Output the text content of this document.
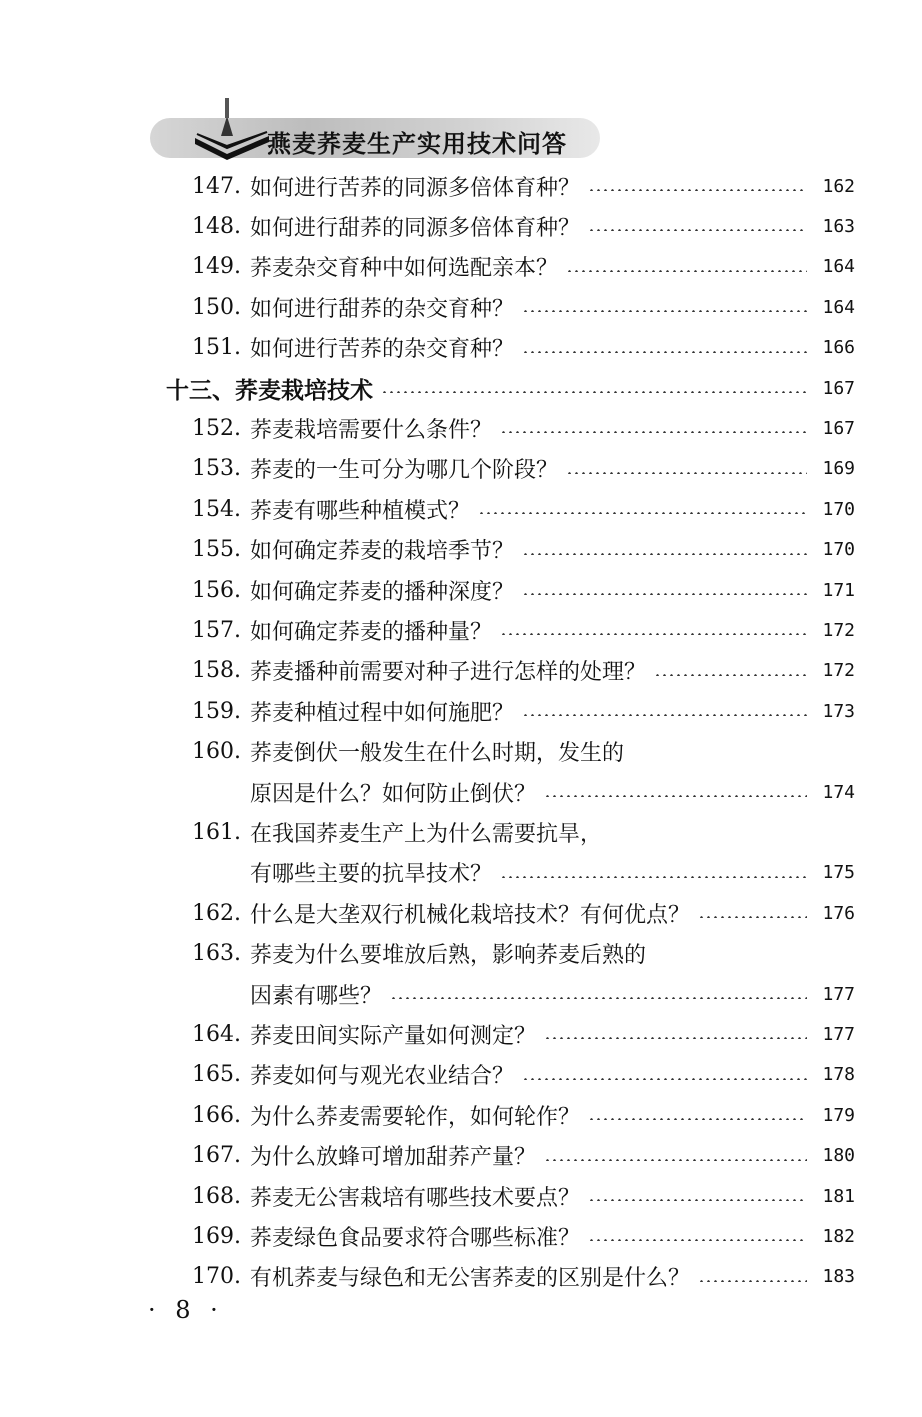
燕麦荞麦生产实用技术问答
147. 如何进行苦荞的同源多倍体育种？	162
148. 如何进行甜荞的同源多倍体育种？	163
149. 荞麦杂交育种中如何选配亲本？	164
150. 如何进行甜荞的杂交育种？	164
151. 如何进行苦荞的杂交育种？	166
十三、荞麦栽培技术	167
152. 荞麦栽培需要什么条件？	167
153. 荞麦的一生可分为哪几个阶段？	169
154. 荞麦有哪些种植模式？	170
155. 如何确定荞麦的栽培季节？	170
156. 如何确定荞麦的播种深度？	171
157. 如何确定荞麦的播种量？	172
158. 荞麦播种前需要对种子进行怎样的处理？	172
159. 荞麦种植过程中如何施肥？	173
160. 荞麦倒伏一般发生在什么时期，发生的
原因是什么？如何防止倒伏？	174
161. 在我国荞麦生产上为什么需要抗旱，
有哪些主要的抗旱技术？	175
162. 什么是大垄双行机械化栽培技术？有何优点？	176
163. 荞麦为什么要堆放后熟，影响荞麦后熟的
因素有哪些？	177
164. 荞麦田间实际产量如何测定？	177
165. 荞麦如何与观光农业结合？	178
166. 为什么荞麦需要轮作，如何轮作？	179
167. 为什么放蜂可增加甜荞产量？	180
168. 荞麦无公害栽培有哪些技术要点？	181
169. 荞麦绿色食品要求符合哪些标准？	182
170. 有机荞麦与绿色和无公害荞麦的区别是什么？	183
· 8 ·
